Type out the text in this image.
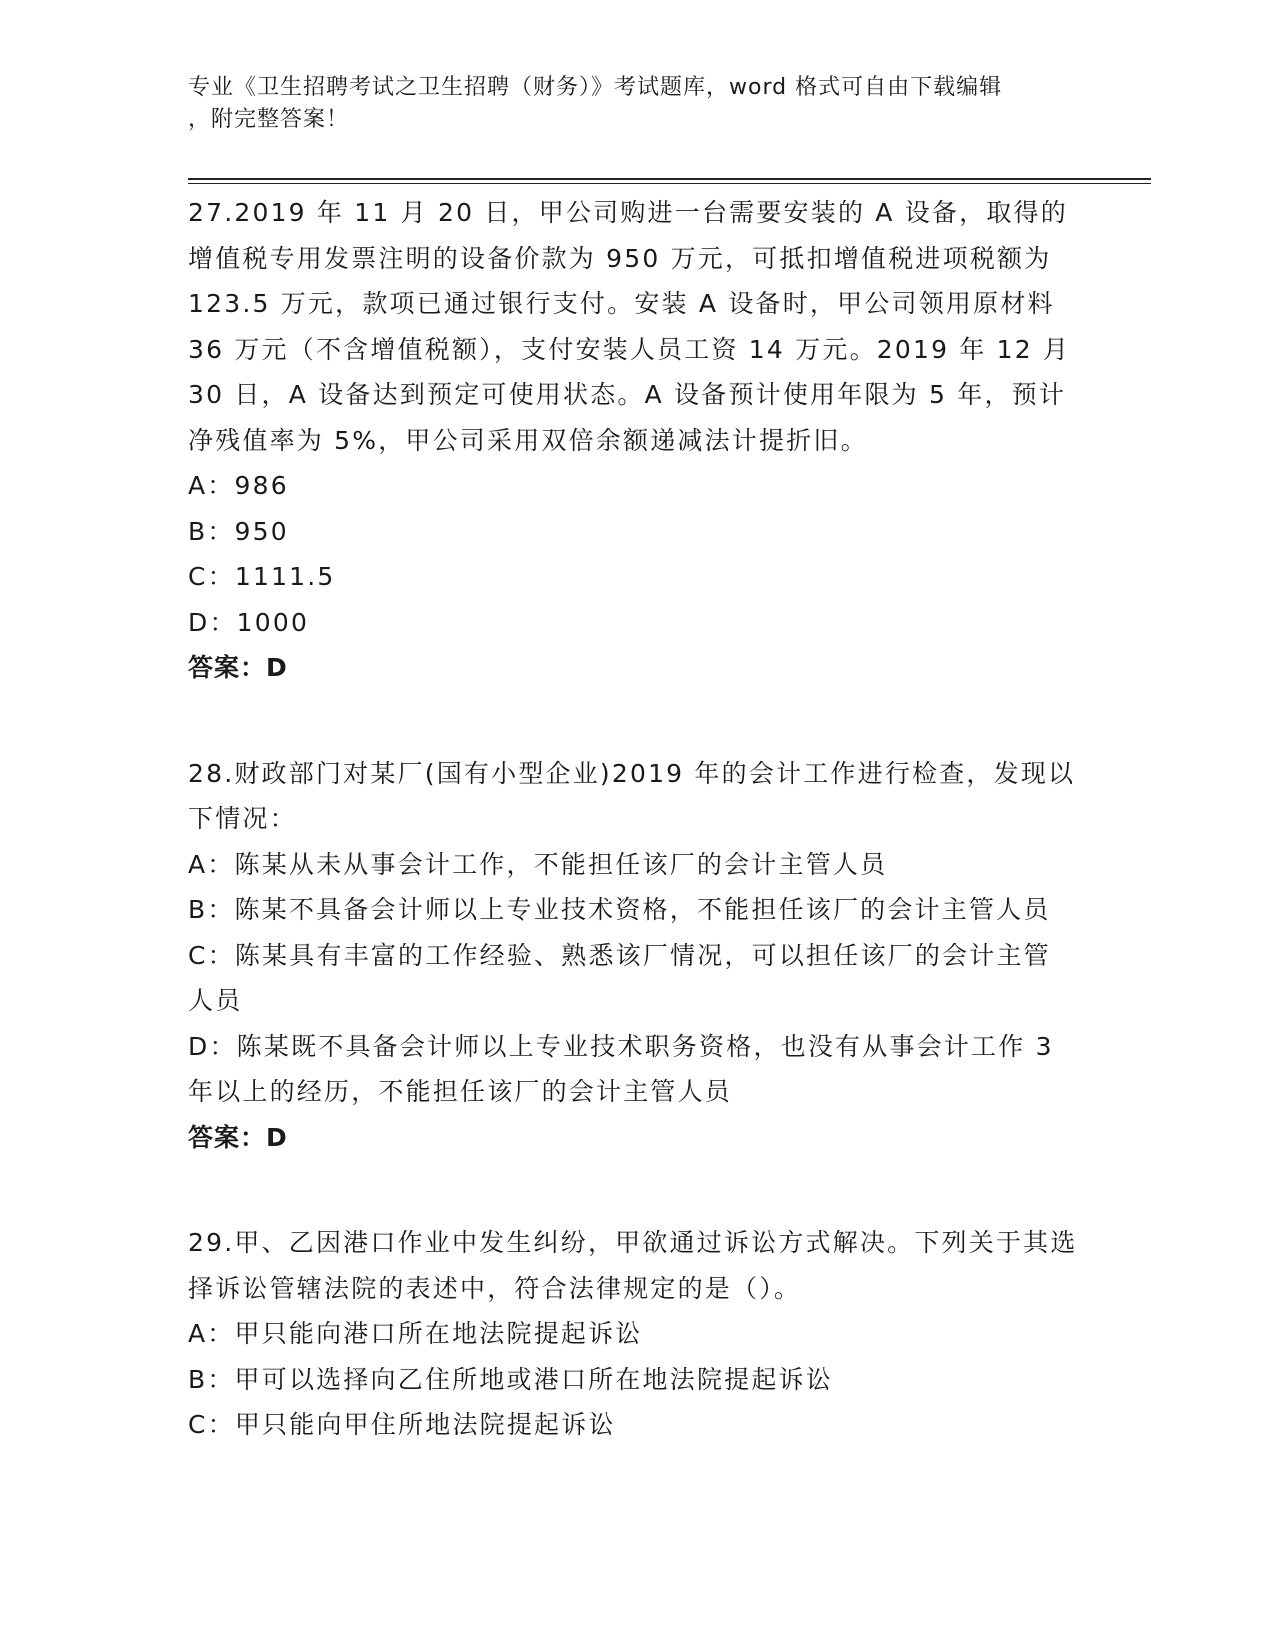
专业《卫生招聘考试之卫生招聘（财务）》考试题库，word 格式可自由下载编辑
，附完整答案！

27.2019 年 11 月 20 日，甲公司购进一台需要安装的 A 设备，取得的增值税专用发票注明的设备价款为 950 万元，可抵扣增值税进项税额为 123.5 万元，款项已通过银行支付。安装 A 设备时，甲公司领用原材料 36 万元（不含增值税额），支付安装人员工资 14 万元。2019 年 12 月 30 日，A 设备达到预定可使用状态。A 设备预计使用年限为 5 年，预计净残值率为 5%，甲公司采用双倍余额递减法计提折旧。

A：986

B：950

C：1111.5

D：1000

答案：D

28.财政部门对某厂(国有小型企业)2019 年的会计工作进行检查，发现以下情况：

A：陈某从未从事会计工作，不能担任该厂的会计主管人员

B：陈某不具备会计师以上专业技术资格，不能担任该厂的会计主管人员

C：陈某具有丰富的工作经验、熟悉该厂情况，可以担任该厂的会计主管人员

D：陈某既不具备会计师以上专业技术职务资格，也没有从事会计工作 3 年以上的经历，不能担任该厂的会计主管人员

答案：D

29.甲、乙因港口作业中发生纠纷，甲欲通过诉讼方式解决。下列关于其选择诉讼管辖法院的表述中，符合法律规定的是（）。

A：甲只能向港口所在地法院提起诉讼

B：甲可以选择向乙住所地或港口所在地法院提起诉讼

C：甲只能向甲住所地法院提起诉讼
